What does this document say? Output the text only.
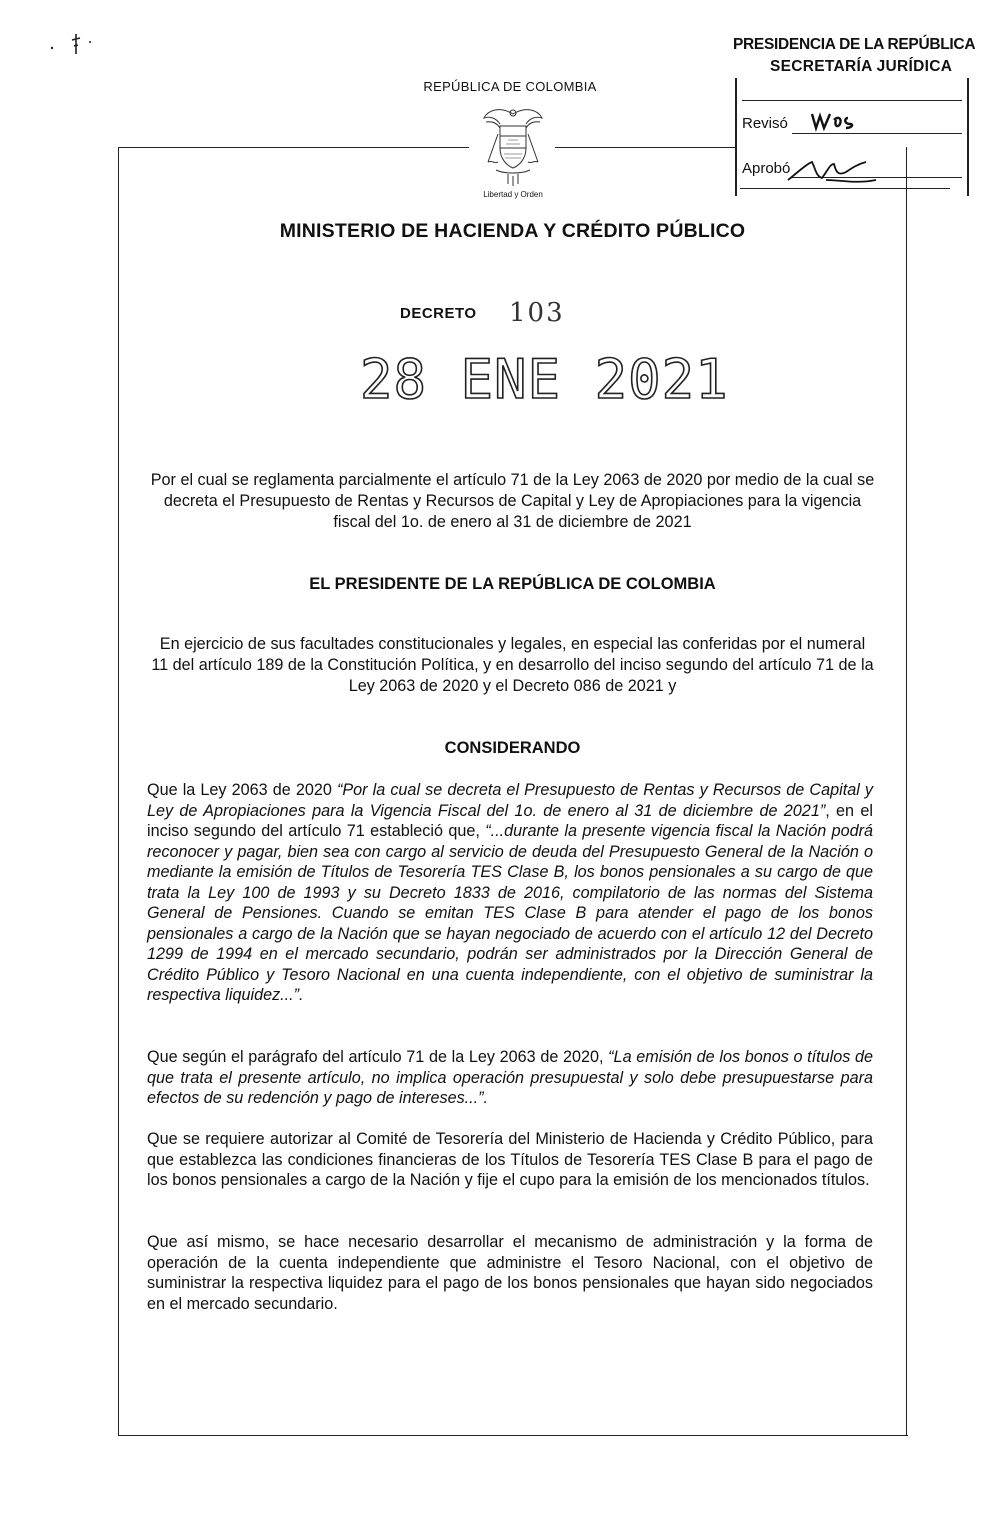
REPÚBLICA DE COLOMBIA
Libertad y Orden
MINISTERIO DE HACIENDA Y CRÉDITO PÚBLICO
PRESIDENCIA DE LA REPÚBLICA
SECRETARÍA JURÍDICA
Revisó
Aprobó
DECRETO 103
28 ENE 2021
Por el cual se reglamenta parcialmente el artículo 71 de la Ley 2063 de 2020 por medio de la cual se decreta el Presupuesto de Rentas y Recursos de Capital y Ley de Apropiaciones para la vigencia fiscal del 1o. de enero al 31 de diciembre de 2021
EL PRESIDENTE DE LA REPÚBLICA DE COLOMBIA
En ejercicio de sus facultades constitucionales y legales, en especial las conferidas por el numeral 11 del artículo 189 de la Constitución Política, y en desarrollo del inciso segundo del artículo 71 de la Ley 2063 de 2020 y el Decreto 086 de 2021 y
CONSIDERANDO
Que la Ley 2063 de 2020 “Por la cual se decreta el Presupuesto de Rentas y Recursos de Capital y Ley de Apropiaciones para la Vigencia Fiscal del 1o. de enero al 31 de diciembre de 2021”, en el inciso segundo del artículo 71 estableció que, “...durante la presente vigencia fiscal la Nación podrá reconocer y pagar, bien sea con cargo al servicio de deuda del Presupuesto General de la Nación o mediante la emisión de Títulos de Tesorería TES Clase B, los bonos pensionales a su cargo de que trata la Ley 100 de 1993 y su Decreto 1833 de 2016, compilatorio de las normas del Sistema General de Pensiones. Cuando se emitan TES Clase B para atender el pago de los bonos pensionales a cargo de la Nación que se hayan negociado de acuerdo con el artículo 12 del Decreto 1299 de 1994 en el mercado secundario, podrán ser administrados por la Dirección General de Crédito Público y Tesoro Nacional en una cuenta independiente, con el objetivo de suministrar la respectiva liquidez...”.
Que según el parágrafo del artículo 71 de la Ley 2063 de 2020, “La emisión de los bonos o títulos de que trata el presente artículo, no implica operación presupuestal y solo debe presupuestarse para efectos de su redención y pago de intereses...”.
Que se requiere autorizar al Comité de Tesorería del Ministerio de Hacienda y Crédito Público, para que establezca las condiciones financieras de los Títulos de Tesorería TES Clase B para el pago de los bonos pensionales a cargo de la Nación y fije el cupo para la emisión de los mencionados títulos.
Que así mismo, se hace necesario desarrollar el mecanismo de administración y la forma de operación de la cuenta independiente que administre el Tesoro Nacional, con el objetivo de suministrar la respectiva liquidez para el pago de los bonos pensionales que hayan sido negociados en el mercado secundario.
